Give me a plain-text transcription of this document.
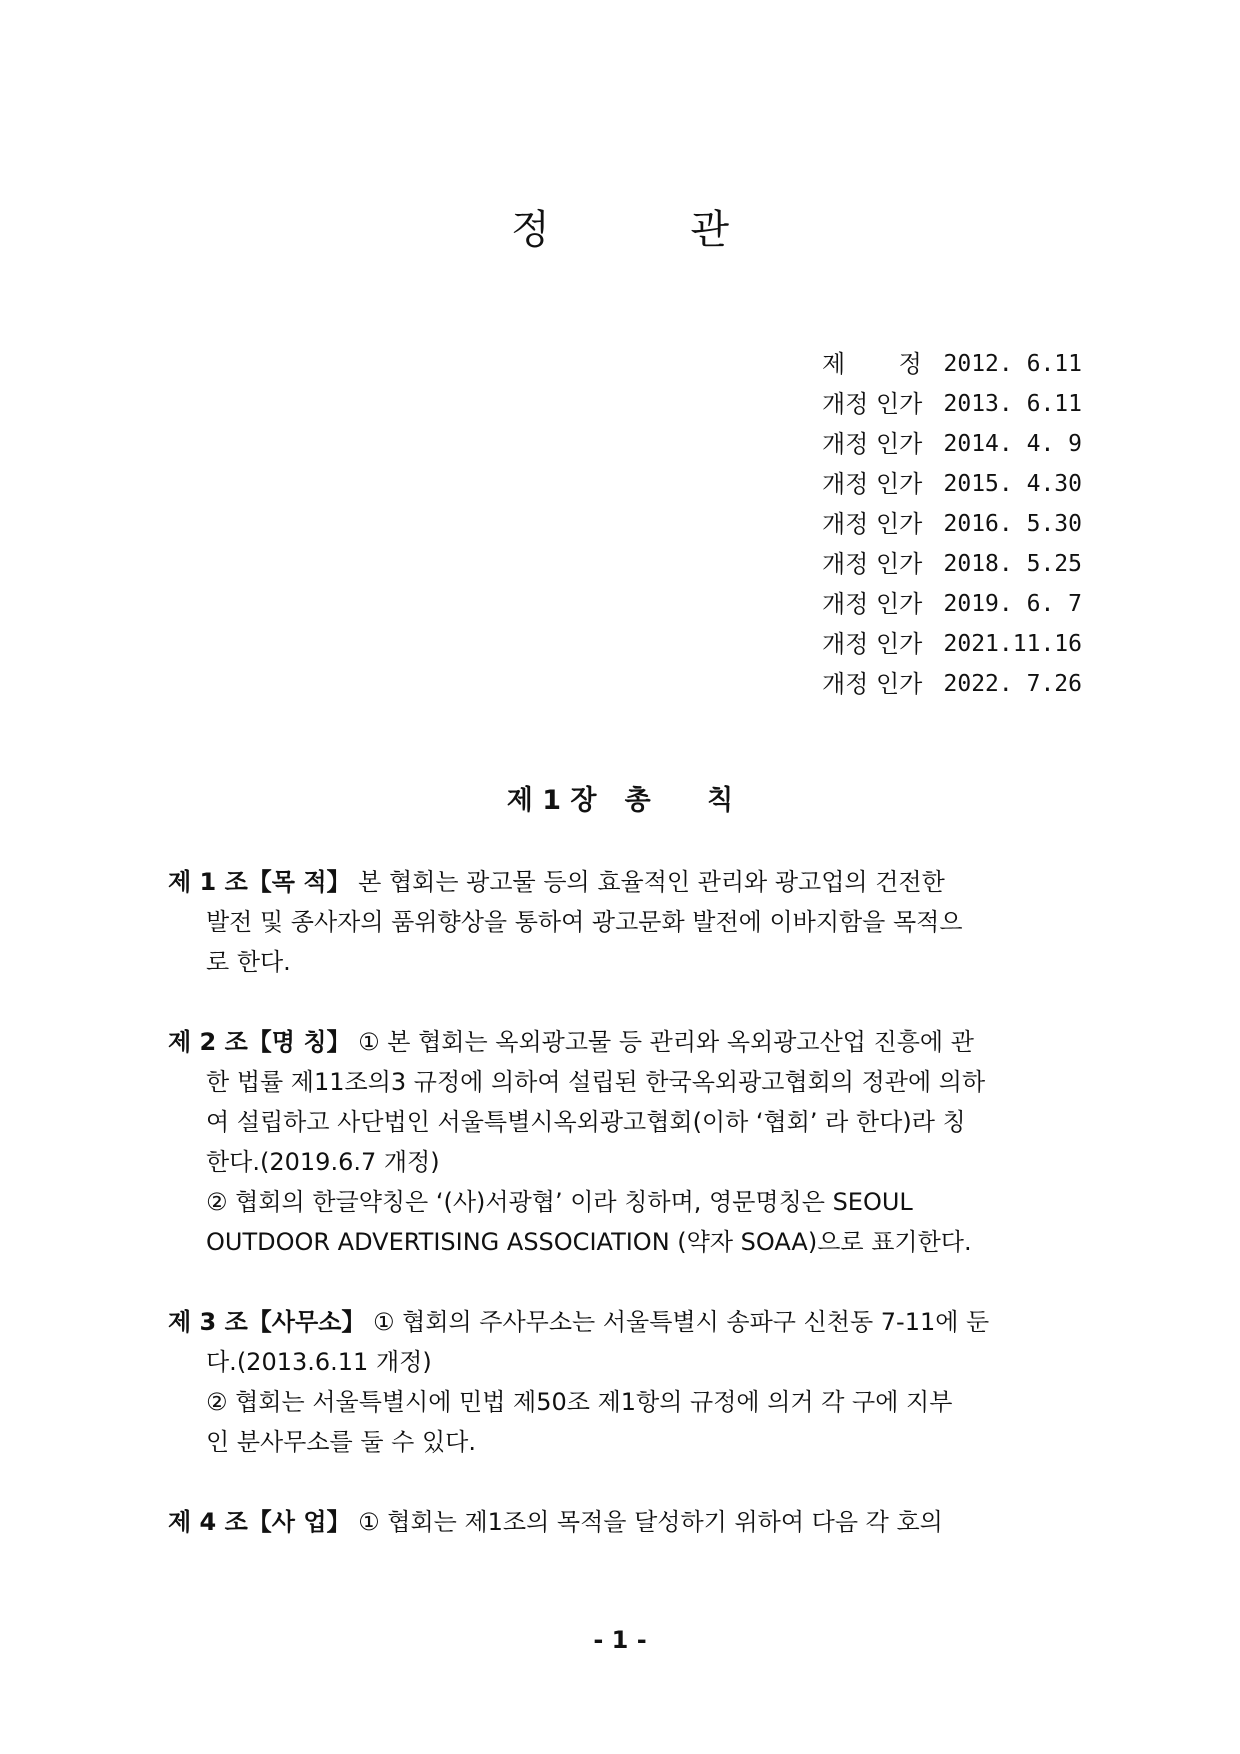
정 관
제       정 2012. 6.11
개정 인가 2013. 6.11
개정 인가 2014. 4. 9
개정 인가 2015. 4.30
개정 인가 2016. 5.30
개정 인가 2018. 5.25
개정 인가 2019. 6. 7
개정 인가 2021.11.16
개정 인가 2022. 7.26
제 1 장   총      칙

제 1 조【목 적】 본 협회는 광고물 등의 효율적인 관리와 광고업의 건전한

발전 및 종사자의 품위향상을 통하여 광고문화 발전에 이바지함을 목적으

로 한다.

제 2 조【명 칭】 ① 본 협회는 옥외광고물 등 관리와 옥외광고산업 진흥에 관

한 법률 제11조의3 규정에 의하여 설립된 한국옥외광고협회의 정관에 의하

여 설립하고 사단법인 서울특별시옥외광고협회(이하 ‘협회’ 라 한다)라 칭

한다.(2019.6.7 개정)

② 협회의 한글약칭은 ‘(사)서광협’ 이라 칭하며, 영문명칭은 SEOUL

OUTDOOR ADVERTISING ASSOCIATION (약자 SOAA)으로 표기한다.

제 3 조【사무소】 ① 협회의 주사무소는 서울특별시 송파구 신천동 7-11에 둔

다.(2013.6.11 개정)

② 협회는 서울특별시에 민법 제50조 제1항의 규정에 의거 각 구에 지부

인 분사무소를 둘 수 있다.

제 4 조【사 업】 ① 협회는 제1조의 목적을 달성하기 위하여 다음 각 호의

- 1 -
